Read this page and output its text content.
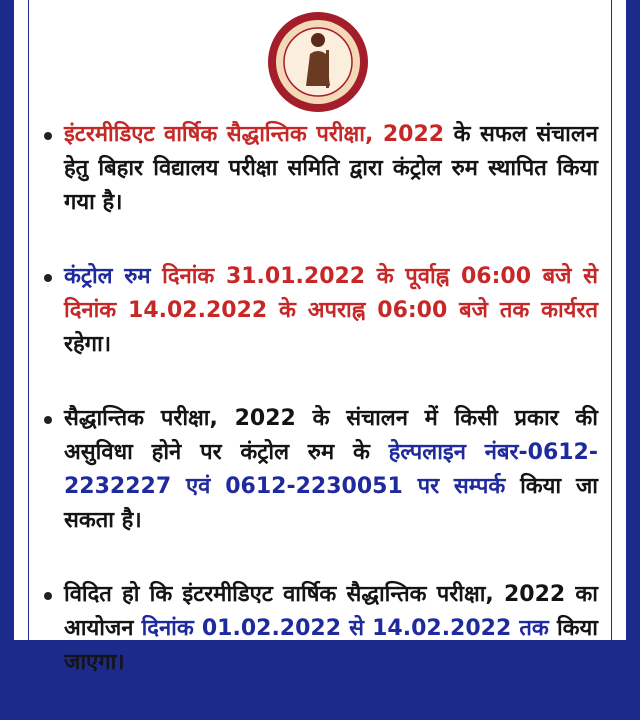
इंटरमीडिएट वार्षिक सैद्धान्तिक परीक्षा, 2022 के सफल संचालन हेतु बिहार विद्यालय परीक्षा समिति द्वारा कंट्रोल रुम स्थापित किया गया है।

कंट्रोल रुम दिनांक 31.01.2022 के पूर्वाह्न 06:00 बजे से दिनांक 14.02.2022 के अपराह्न 06:00 बजे तक कार्यरत रहेगा।

सैद्धान्तिक परीक्षा, 2022 के संचालन में किसी प्रकार की असुविधा होने पर कंट्रोल रुम के हेल्पलाइन नंबर-0612-2232227 एवं 0612-2230051 पर सम्पर्क किया जा सकता है।

विदित हो कि इंटरमीडिएट वार्षिक सैद्धान्तिक परीक्षा, 2022 का आयोजन दिनांक 01.02.2022 से 14.02.2022 तक किया जाएगा।
